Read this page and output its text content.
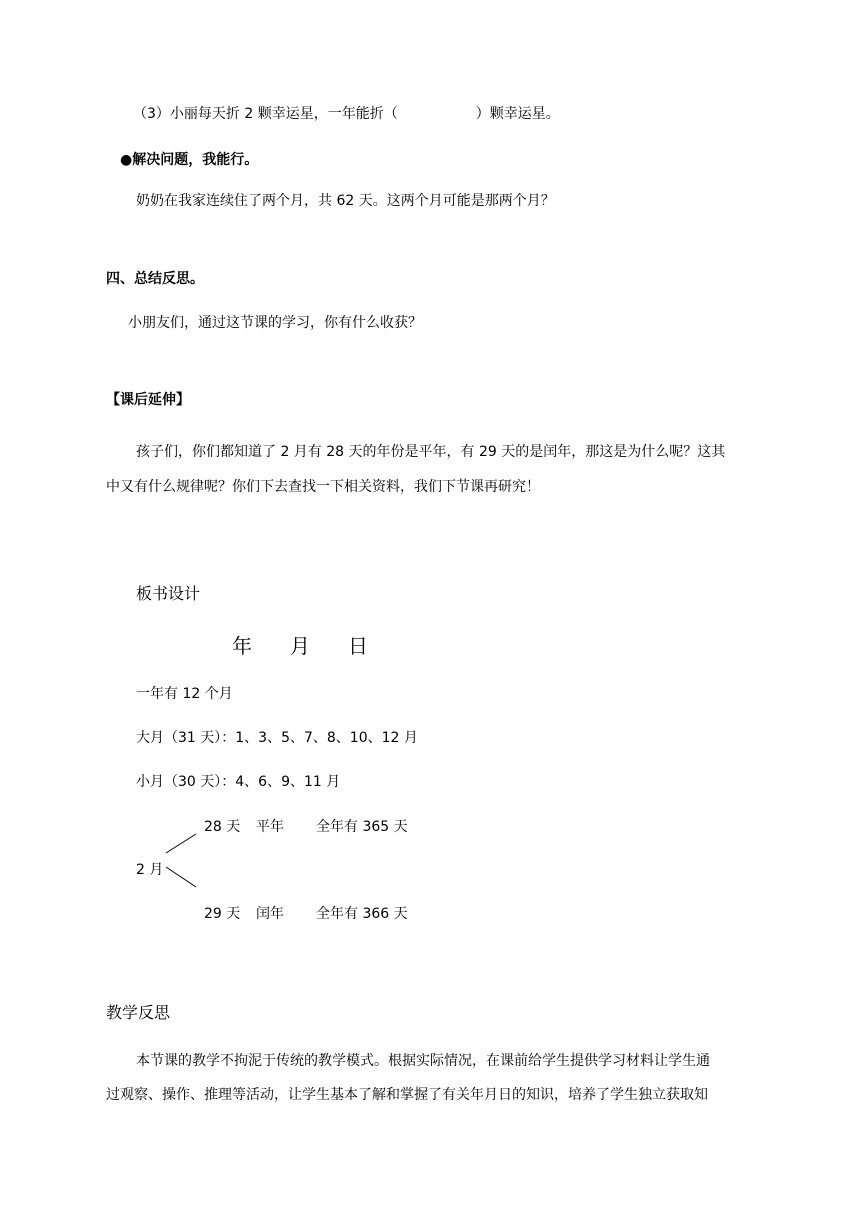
（3）小丽每天折 2 颗幸运星，一年能折（	）颗幸运星。
●解决问题，我能行。
奶奶在我家连续住了两个月，共 62 天。这两个月可能是那两个月？
四、总结反思。
小朋友们，通过这节课的学习，你有什么收获？
【课后延伸】
孩子们，你们都知道了 2 月有 28 天的年份是平年，有 29 天的是闰年，那这是为什么呢？这其
中又有什么规律呢？你们下去查找一下相关资料，我们下节课再研究！
板书设计
年 月 日
一年有 12 个月
大月（31 天）：1、3、5、7、8、10、12 月
小月（30 天）：4、6、9、11 月
28 天 平年 全年有 365 天
2 月
29 天 闰年 全年有 366 天
教学反思
本节课的教学不拘泥于传统的教学模式。根据实际情况，在课前给学生提供学习材料让学生通
过观察、操作、推理等活动，让学生基本了解和掌握了有关年月日的知识，培养了学生独立获取知
